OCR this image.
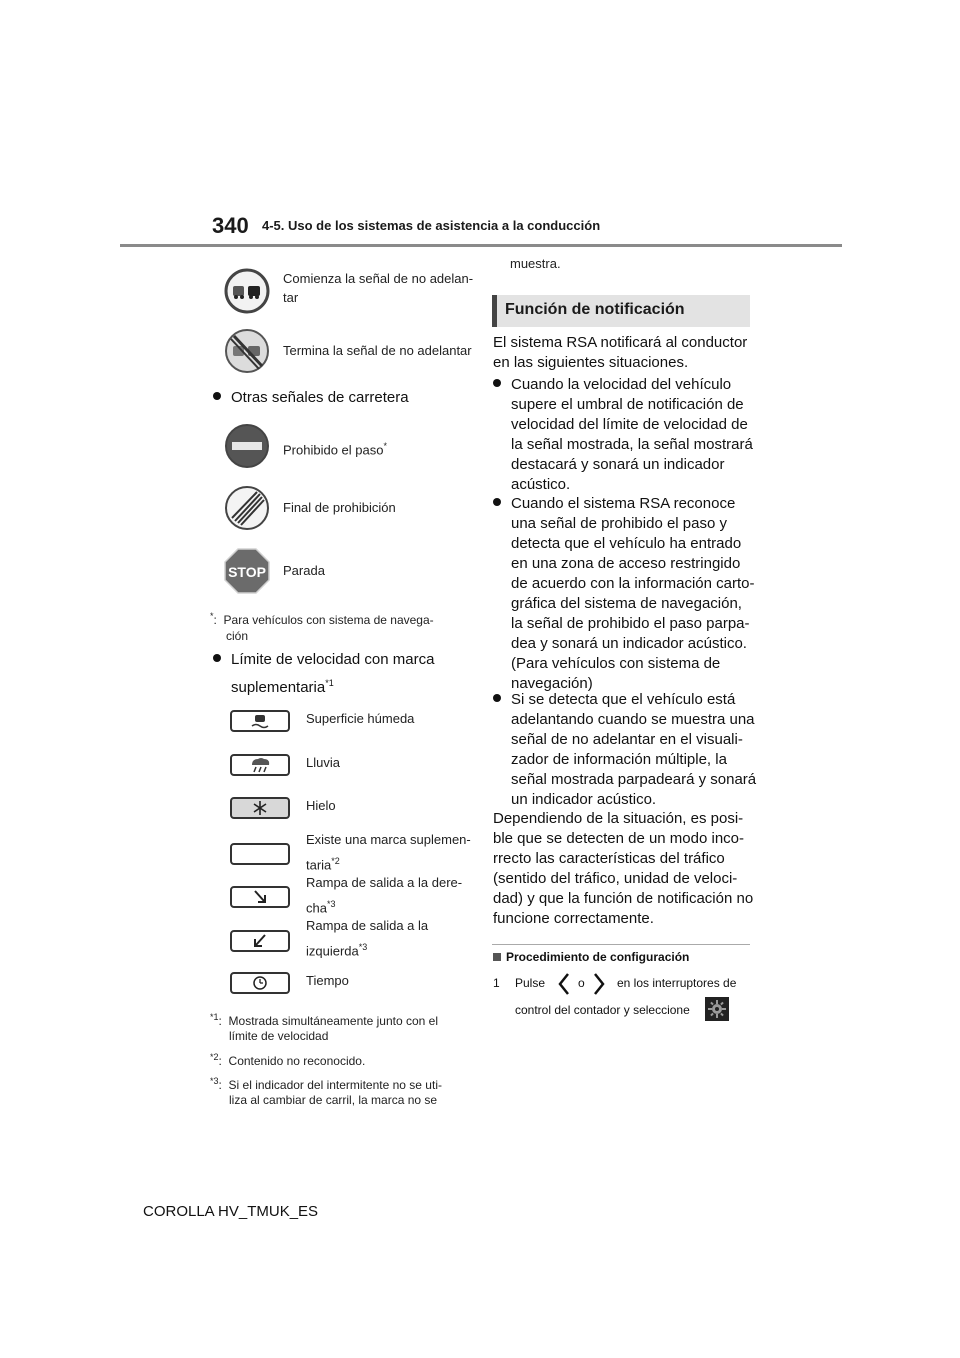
340 4-5. Uso de los sistemas de asistencia a la conducción
Comienza la señal de no adelan-
tar
Termina la señal de no adelantar
Otras señales de carretera
Prohibido el paso*
Final de prohibición
STOP Parada
*: Para vehículos con sistema de navega-
ción
Límite de velocidad con marca
suplementaria$^{*1}$
Superficie húmeda
Lluvia
Hielo
Existe una marca suplemen-
taria$^{*2}$
Rampa de salida a la dere-
cha$^{*3}$
Rampa de salida a la
izquierda$^{*3}$
Tiempo
$^{*1}$: Mostrada simultáneamente junto con el
límite de velocidad
$^{*2}$: Contenido no reconocido.
$^{*3}$: Si el indicador del intermitente no se uti-
liza al cambiar de carril, la marca no se
muestra.
Función de notificación
El sistema RSA notificará al conductor
en las siguientes situaciones.
Cuando la velocidad del vehículo
supere el umbral de notificación de
velocidad del límite de velocidad de
la señal mostrada, la señal mostrará
destacará y sonará un indicador
acústico.
Cuando el sistema RSA reconoce
una señal de prohibido el paso y
detecta que el vehículo ha entrado
en una zona de acceso restringido
de acuerdo con la información carto-
gráfica del sistema de navegación,
la señal de prohibido el paso parpa-
dea y sonará un indicador acústico.
(Para vehículos con sistema de
navegación)
Si se detecta que el vehículo está
adelantando cuando se muestra una
señal de no adelantar en el visuali-
zador de información múltiple, la
señal mostrada parpadeará y sonará
un indicador acústico.
Dependiendo de la situación, es posi-
ble que se detecten de un modo inco-
rrecto las características del tráfico
(sentido del tráfico, unidad de veloci-
dad) y que la función de notificación no
funcione correctamente.
Procedimiento de configuración
1 Pulse	o	en los interruptores de
control del contador y seleccione
COROLLA HV_TMUK_ES
